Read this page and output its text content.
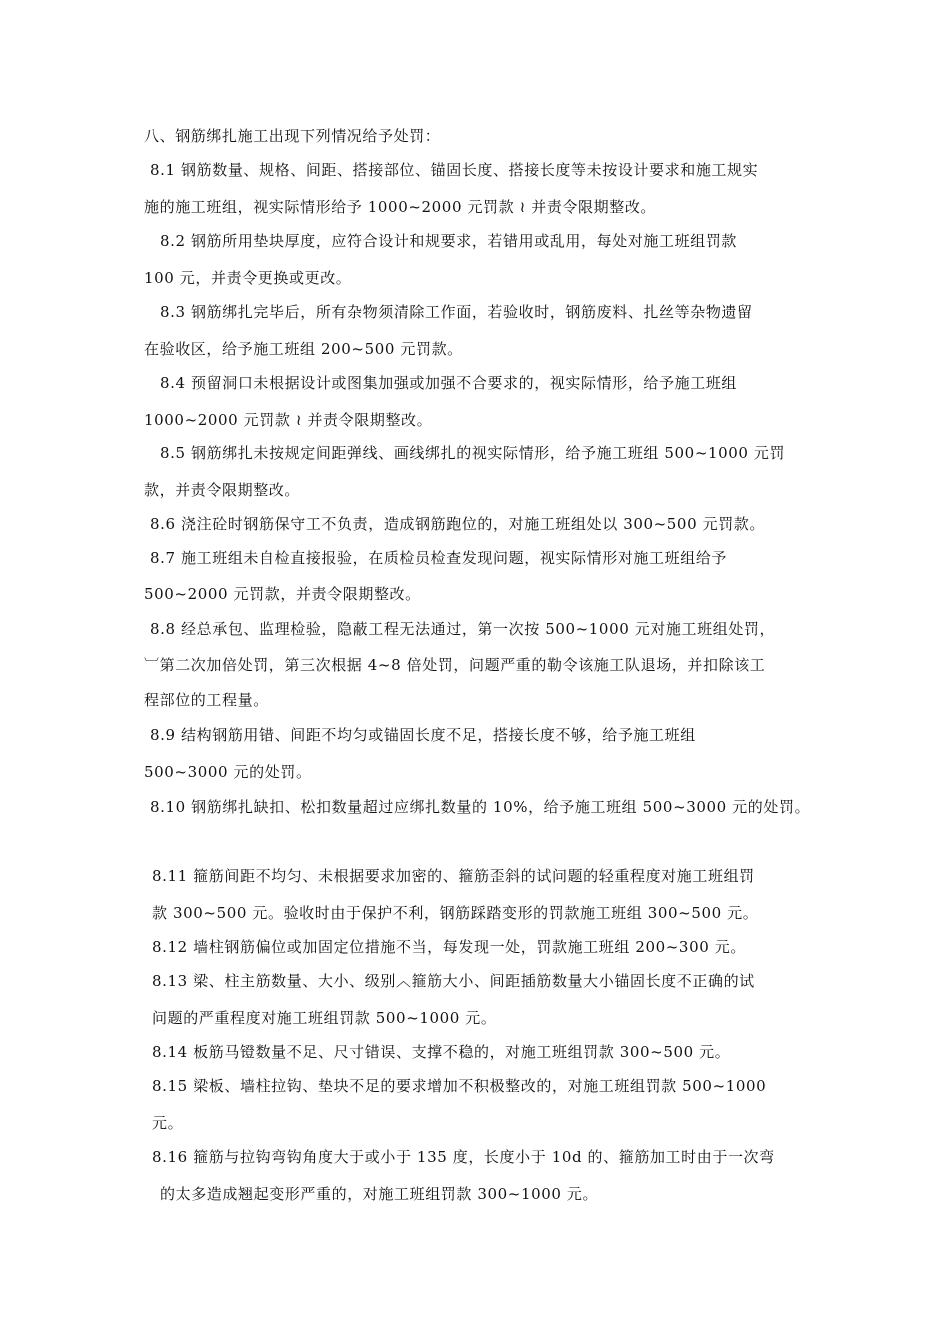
八、钢筋绑扎施工出现下列情况给予处罚：
8.1 钢筋数量、规格、间距、搭接部位、锚固长度、搭接长度等未按设计要求和施工规实
施的施工班组，视实际情形给予 1000~2000 元罚款 ≀ 并责令限期整改。
8.2 钢筋所用垫块厚度，应符合设计和规要求，若错用或乱用，每处对施工班组罚款
100 元，并责令更换或更改。
8.3 钢筋绑扎完毕后，所有杂物须清除工作面，若验收时，钢筋废料、扎丝等杂物遗留
在验收区，给予施工班组 200~500 元罚款。
8.4 预留洞口未根据设计或图集加强或加强不合要求的，视实际情形，给予施工班组
1000~2000 元罚款 ≀ 并责令限期整改。
8.5 钢筋绑扎未按规定间距弹线、画线绑扎的视实际情形，给予施工班组 500~1000 元罚
款，并责令限期整改。
8.6 浇注砼时钢筋保守工不负责，造成钢筋跑位的，对施工班组处以 300~500 元罚款。
8.7 施工班组未自检直接报验，在质检员检查发现问题，视实际情形对施工班组给予
500~2000 元罚款，并责令限期整改。
8.8 经总承包、监理检验，隐蔽工程无法通过，第一次按 500~1000 元对施工班组处罚，
︺第二次加倍处罚，第三次根据 4~8 倍处罚，问题严重的勒令该施工队退场，并扣除该工
程部位的工程量。
8.9 结构钢筋用错、间距不均匀或锚固长度不足，搭接长度不够，给予施工班组
500~3000 元的处罚。
8.10 钢筋绑扎缺扣、松扣数量超过应绑扎数量的 10%，给予施工班组 500~3000 元的处罚。
8.11 箍筋间距不均匀、未根据要求加密的、箍筋歪斜的试问题的轻重程度对施工班组罚
款 300~500 元。验收时由于保护不利，钢筋踩踏变形的罚款施工班组 300~500 元。
8.12 墙柱钢筋偏位或加固定位措施不当，每发现一处，罚款施工班组 200~300 元。
8.13 梁、柱主筋数量、大小、级别︿箍筋大小、间距插筋数量大小锚固长度不正确的试
问题的严重程度对施工班组罚款 500~1000 元。
8.14 板筋马镫数量不足、尺寸错误、支撑不稳的，对施工班组罚款 300~500 元。
8.15 梁板、墙柱拉钩、垫块不足的要求增加不积极整改的，对施工班组罚款 500~1000
元。
8.16 箍筋与拉钩弯钩角度大于或小于 135 度，长度小于 10d 的、箍筋加工时由于一次弯
的太多造成翘起变形严重的，对施工班组罚款 300~1000 元。
